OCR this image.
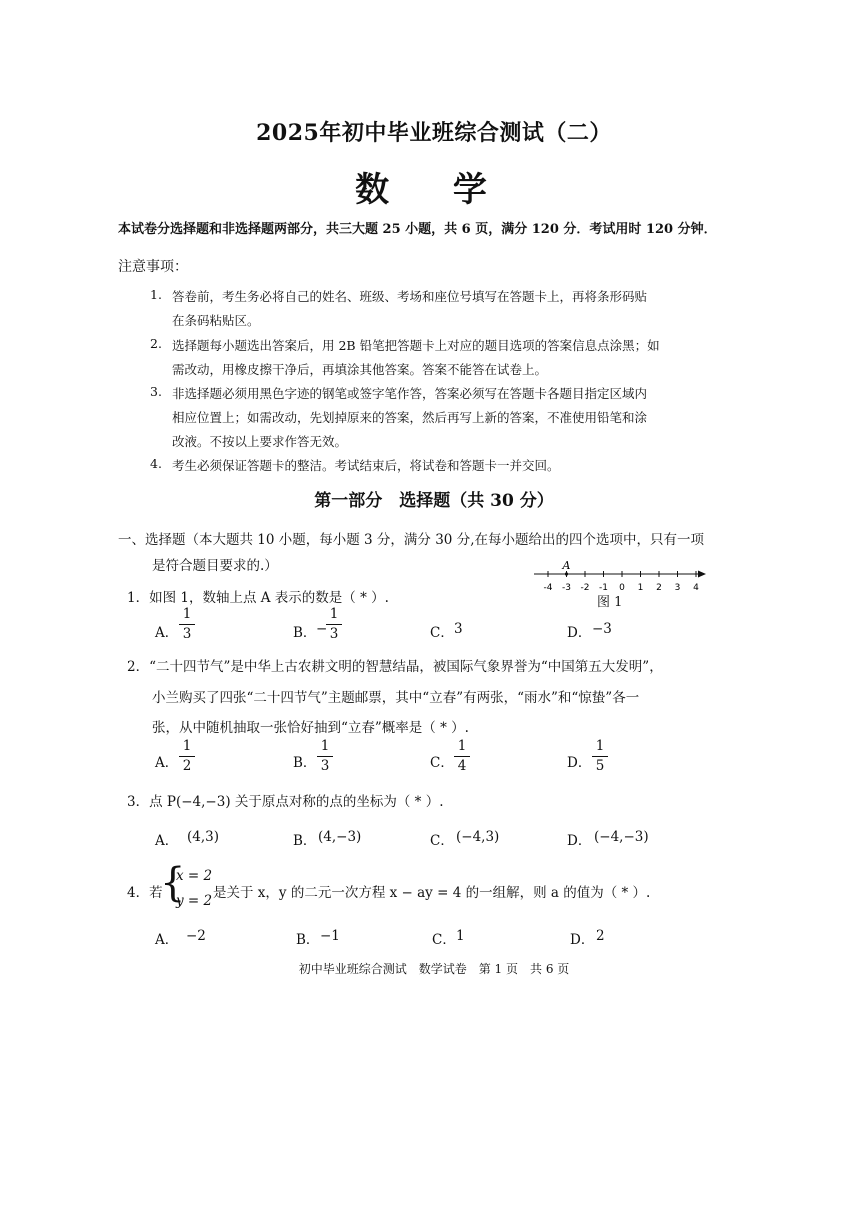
2025年初中毕业班综合测试（二）
数 学
本试卷分选择题和非选择题两部分，共三大题 25 小题，共 6 页，满分 120 分．考试用时 120 分钟．
注意事项：
1. 答卷前，考生务必将自己的姓名、班级、考场和座位号填写在答题卡上，再将条形码贴
在条码粘贴区。
2. 选择题每小题选出答案后，用 2B 铅笔把答题卡上对应的题目选项的答案信息点涂黑；如
需改动，用橡皮擦干净后，再填涂其他答案。答案不能答在试卷上。
3. 非选择题必须用黑色字迹的钢笔或签字笔作答，答案必须写在答题卡各题目指定区域内
相应位置上；如需改动，先划掉原来的答案，然后再写上新的答案，不准使用铅笔和涂
改液。不按以上要求作答无效。
4. 考生必须保证答题卡的整洁。考试结束后，将试卷和答题卡一并交回。
第一部分　选择题（共 30 分）
一、选择题（本大题共 10 小题，每小题 3 分，满分 30 分,在每小题给出的四个选项中，只有一项
是符合题目要求的.）
-4 -3 -2 -1 0 1 2 3 4
A
图 1
1．如图 1，数轴上点 A 表示的数是（ * ）.
A．
1
3	B． −
1
3	C． 3	D． −3
2．“二十四节气”是中华上古农耕文明的智慧结晶，被国际气象界誉为“中国第五大发明”，
小兰购买了四张“二十四节气”主题邮票，其中“立春”有两张，“雨水”和“惊蛰”各一
张，从中随机抽取一张恰好抽到“立春”概率是（ * ）.
A．
1
2	B．
1
3	C．
1
4	D．
1
5
3．点 P(−4,−3) 关于原点对称的点的坐标为（ * ）.
A． (4,3)	B． (4,−3)	C． (−4,3)	D． (−4,−3)
4．若
{
x = 2
y = 2 是关于 x，y 的二元一次方程 x − ay = 4 的一组解，则 a 的值为（ * ）.
A． −2	B． −1	C． 1	D． 2
初中毕业班综合测试　数学试卷　第 1 页　共 6 页
